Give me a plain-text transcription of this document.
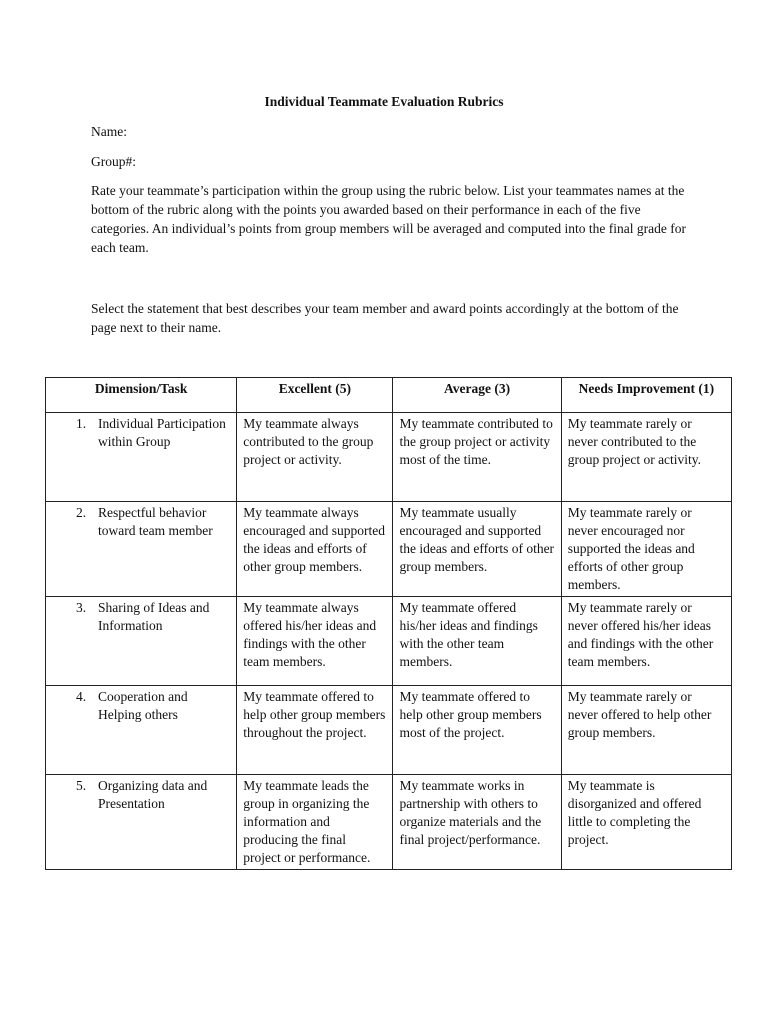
Individual Teammate Evaluation Rubrics
Name:
Group#:

Rate your teammate’s participation within the group using the rubric below. List your teammates names at the bottom of the rubric along with the points you awarded based on their performance in each of the five categories. An individual’s points from group members will be averaged and computed into the final grade for each team.

Select the statement that best describes your team member and award points accordingly at the bottom of the page next to their name.

Dimension/Task	Excellent (5)	Average (3)	Needs Improvement (1)

1. Individual Participation within Group	My teammate always contributed to the group project or activity.	My teammate contributed to the group project or activity most of the time.	My teammate rarely or never contributed to the group project or activity.

2. Respectful behavior toward team member	My teammate always encouraged and supported the ideas and efforts of other group members.	My teammate usually encouraged and supported the ideas and efforts of other group members.	My teammate rarely or never encouraged nor supported the ideas and efforts of other group members.

3. Sharing of Ideas and Information	My teammate always offered his/her ideas and findings with the other team members.	My teammate offered his/her ideas and findings with the other team members.	My teammate rarely or never offered his/her ideas and findings with the other team members.

4. Cooperation and Helping others	My teammate offered to help other group members throughout the project.	My teammate offered to help other group members most of the project.	My teammate rarely or never offered to help other group members.

5. Organizing data and Presentation	My teammate leads the group in organizing the information and producing the final project or performance.	My teammate works in partnership with others to organize materials and the final project/performance.	My teammate is disorganized and offered little to completing the project.
